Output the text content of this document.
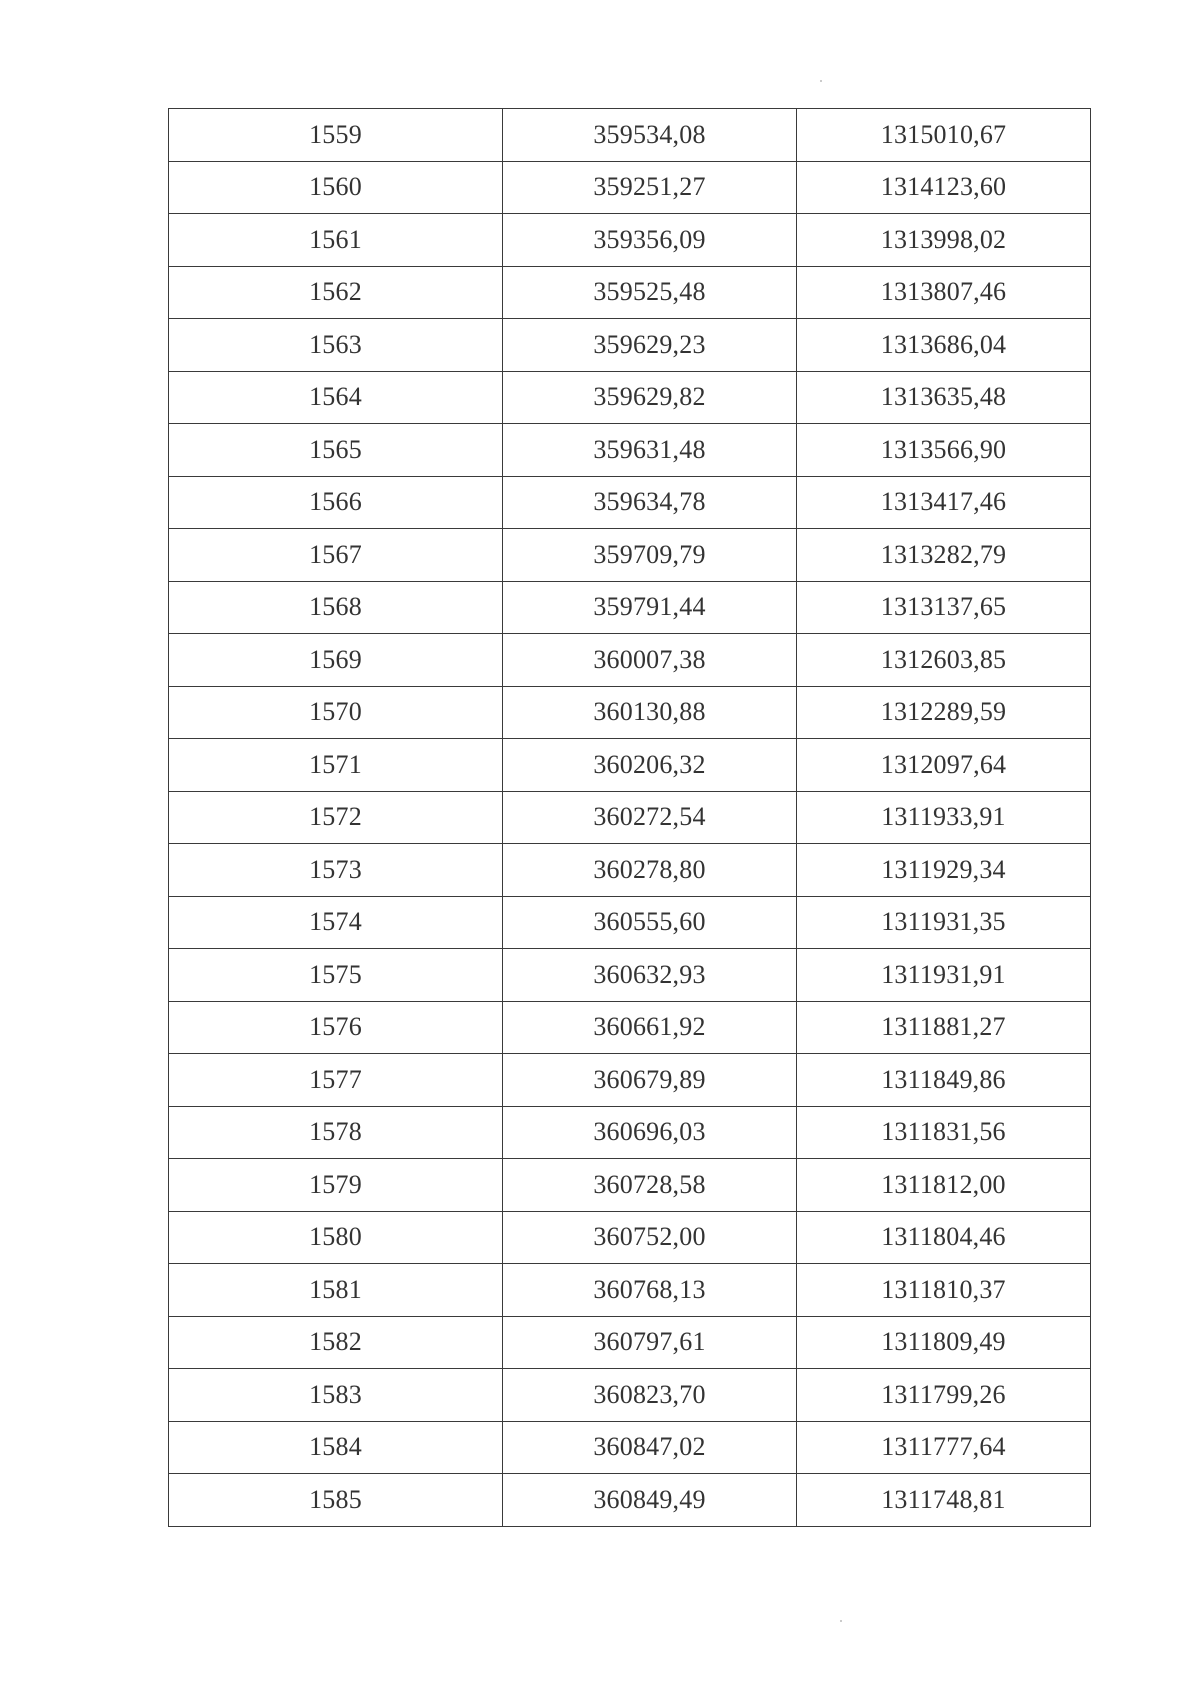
1559	359534,08	1315010,67
1560	359251,27	1314123,60
1561	359356,09	1313998,02
1562	359525,48	1313807,46
1563	359629,23	1313686,04
1564	359629,82	1313635,48
1565	359631,48	1313566,90
1566	359634,78	1313417,46
1567	359709,79	1313282,79
1568	359791,44	1313137,65
1569	360007,38	1312603,85
1570	360130,88	1312289,59
1571	360206,32	1312097,64
1572	360272,54	1311933,91
1573	360278,80	1311929,34
1574	360555,60	1311931,35
1575	360632,93	1311931,91
1576	360661,92	1311881,27
1577	360679,89	1311849,86
1578	360696,03	1311831,56
1579	360728,58	1311812,00
1580	360752,00	1311804,46
1581	360768,13	1311810,37
1582	360797,61	1311809,49
1583	360823,70	1311799,26
1584	360847,02	1311777,64
1585	360849,49	1311748,81
